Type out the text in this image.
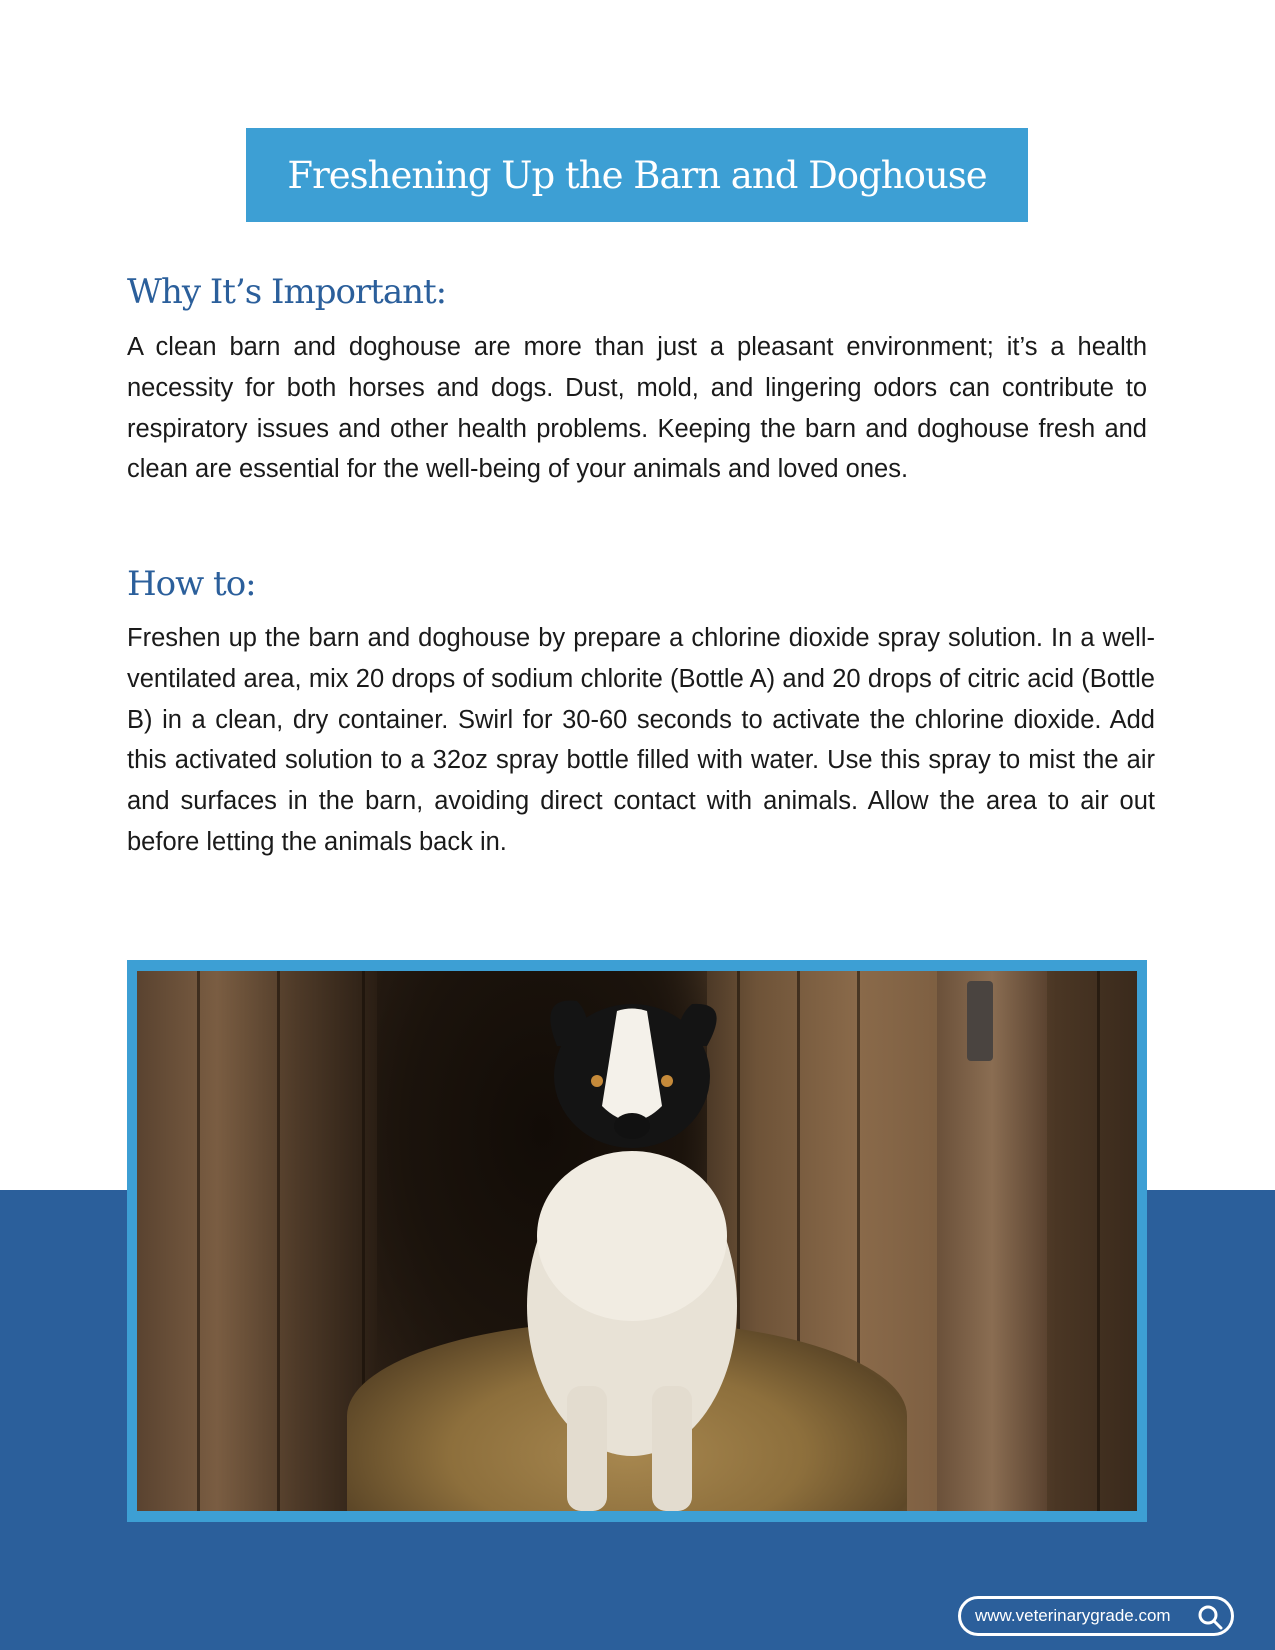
Freshening Up the Barn and Doghouse
Why It’s Important:

A clean barn and doghouse are more than just a pleasant environment; it’s a health necessity for both horses and dogs. Dust, mold, and lingering odors can contribute to respiratory issues and other health problems. Keeping the barn and doghouse fresh and clean are essential for the well-being of your animals and loved ones.

How to:

Freshen up the barn and doghouse by prepare a chlorine dioxide spray solution. In a well-ventilated area, mix 20 drops of sodium chlorite (Bottle A) and 20 drops of citric acid (Bottle B) in a clean, dry container. Swirl for 30-60 seconds to activate the chlorine dioxide. Add this activated solution to a 32oz spray bottle filled with water. Use this spray to mist the air and surfaces in the barn, avoiding direct contact with animals. Allow the area to air out before letting the animals back in.

www.veterinarygrade.com
